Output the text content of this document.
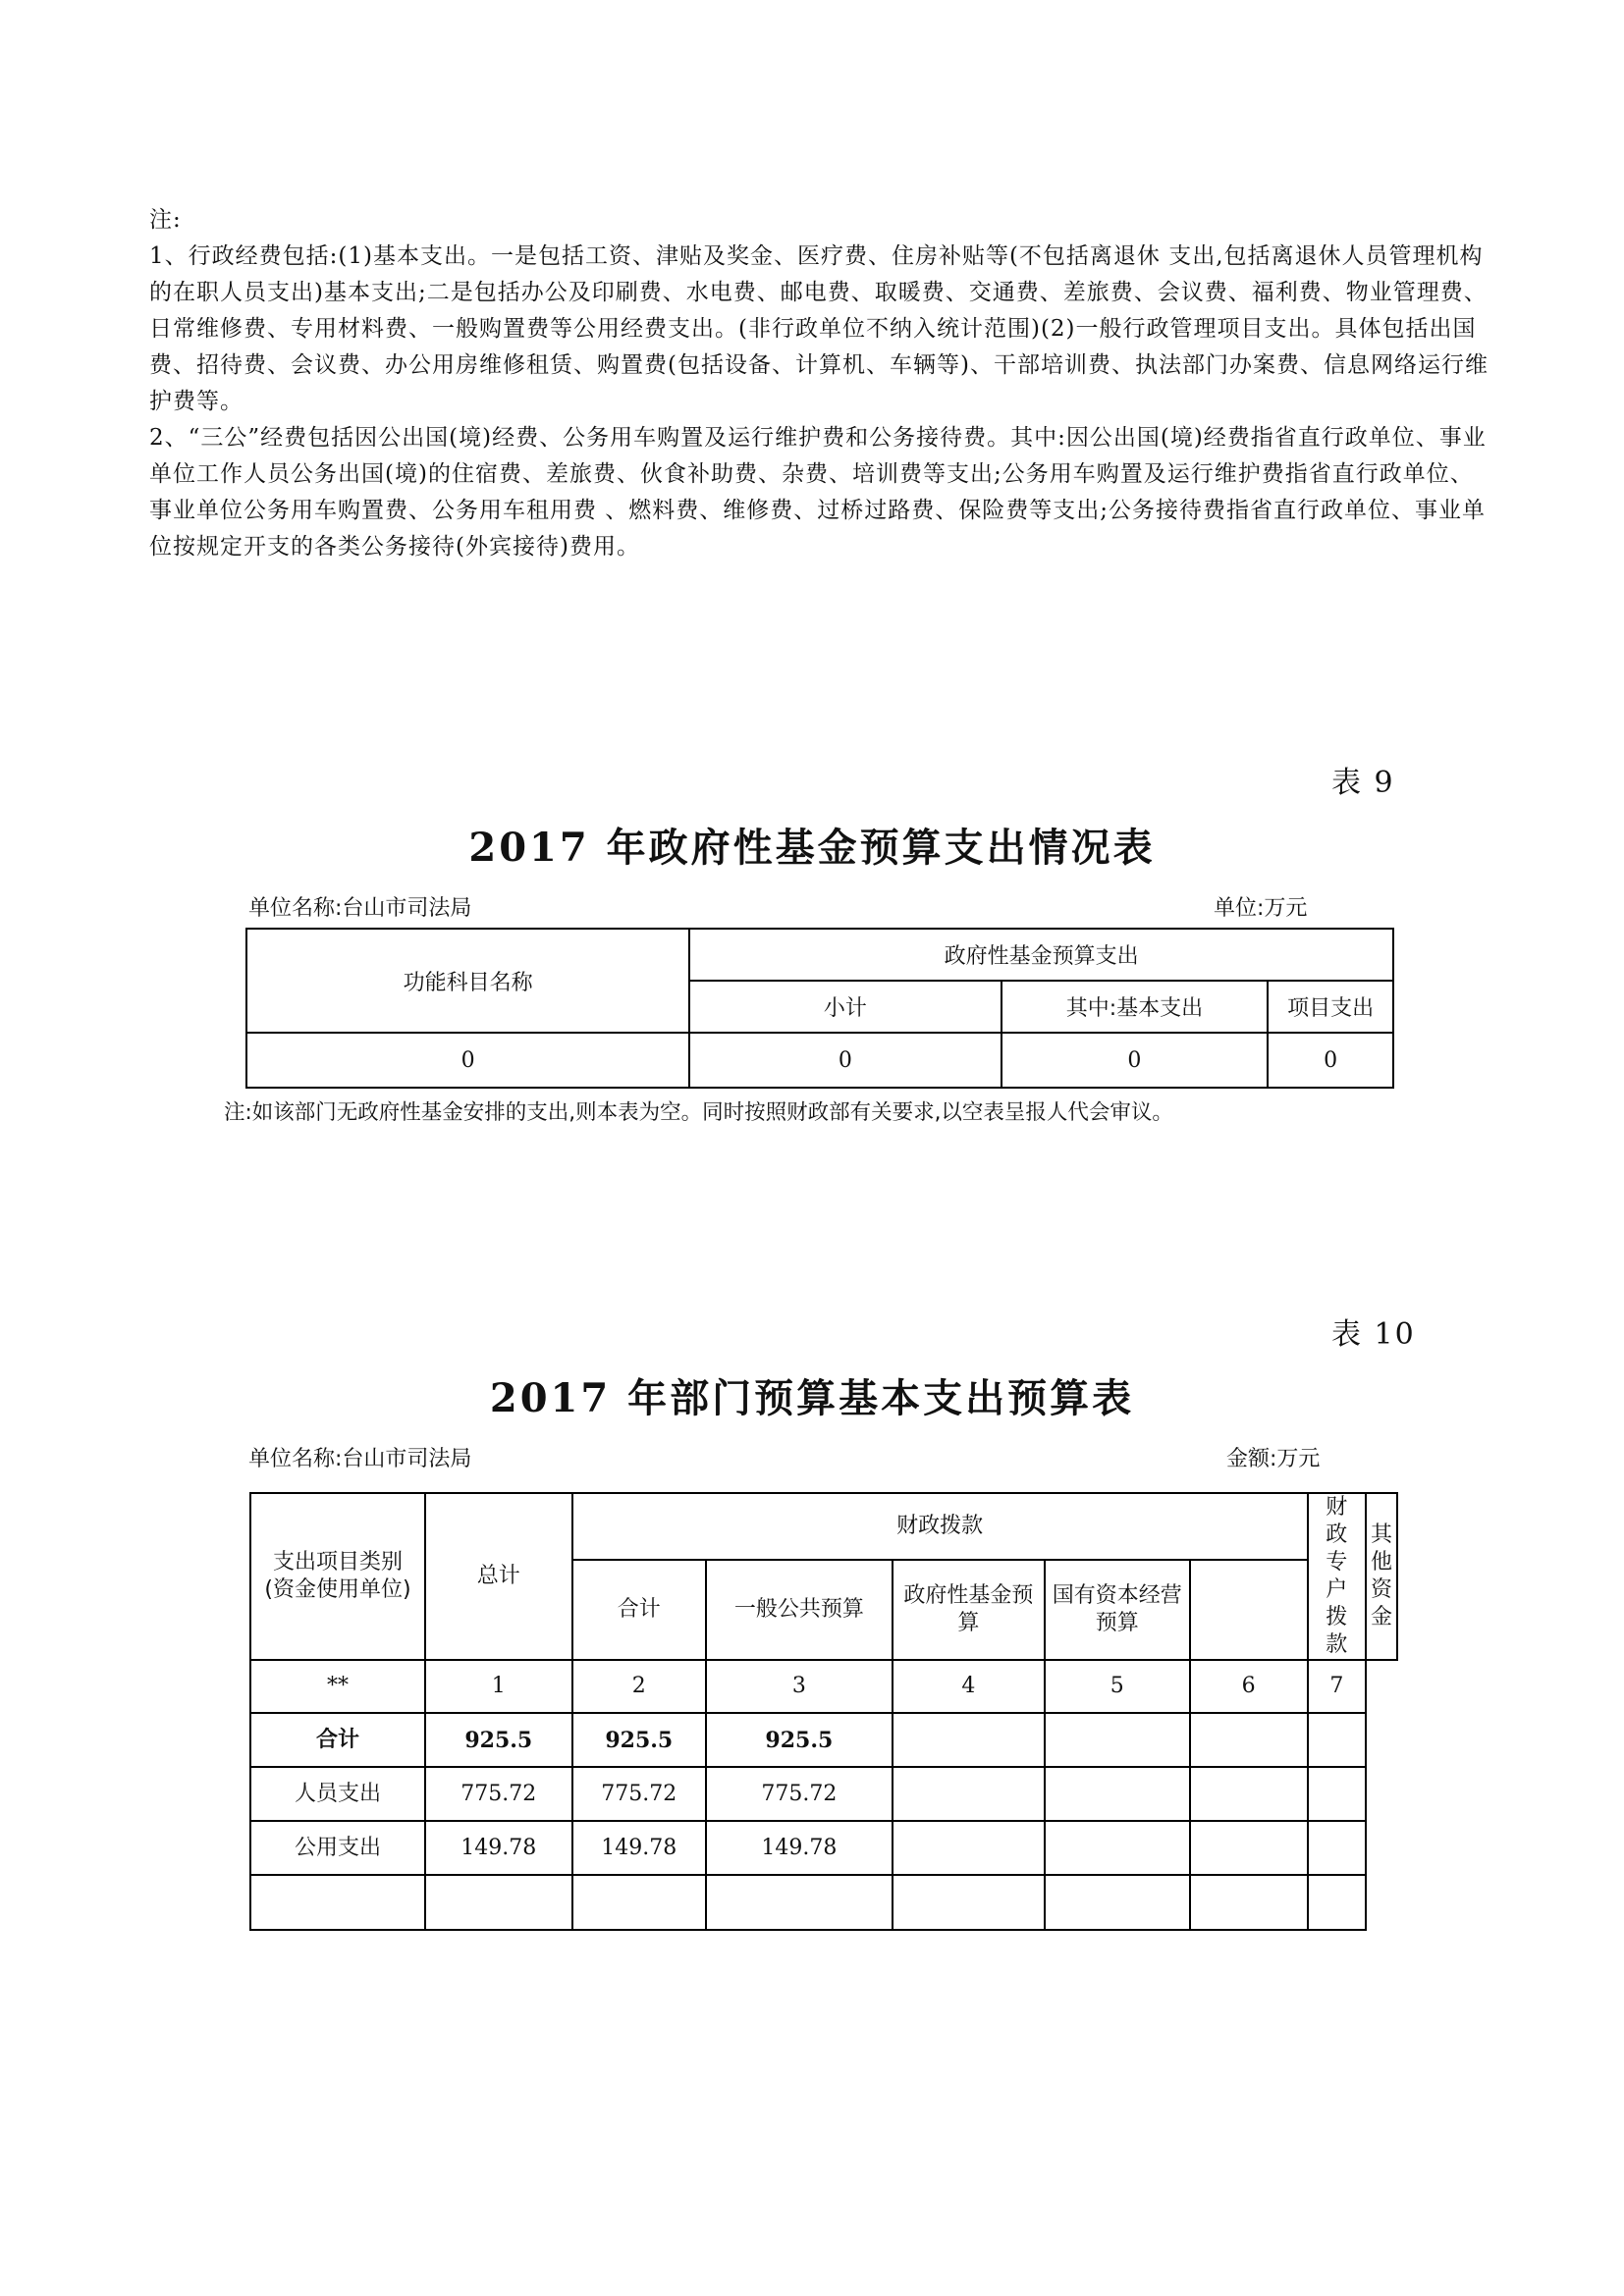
注:

1、行政经费包括:(1)基本支出。一是包括工资、津贴及奖金、医疗费、住房补贴等(不包括离退休 支出,包括离退休人员管理机构的在职人员支出)基本支出;二是包括办公及印刷费、水电费、邮电费、取暖费、交通费、差旅费、会议费、福利费、物业管理费、日常维修费、专用材料费、一般购置费等公用经费支出。(非行政单位不纳入统计范围)(2)一般行政管理项目支出。具体包括出国费、招待费、会议费、办公用房维修租赁、购置费(包括设备、计算机、车辆等)、干部培训费、执法部门办案费、信息网络运行维护费等。

2、“三公”经费包括因公出国(境)经费、公务用车购置及运行维护费和公务接待费。其中:因公出国(境)经费指省直行政单位、事业单位工作人员公务出国(境)的住宿费、差旅费、伙食补助费、杂费、培训费等支出;公务用车购置及运行维护费指省直行政单位、事业单位公务用车购置费、公务用车租用费 、燃料费、维修费、过桥过路费、保险费等支出;公务接待费指省直行政单位、事业单位按规定开支的各类公务接待(外宾接待)费用。

表 9
2017 年政府性基金预算支出情况表
单位名称:台山市司法局	单位:万元
功能科目名称	政府性基金预算支出		
	小计	其中:基本支出	项目支出
0	0	0	0
注:如该部门无政府性基金安排的支出,则本表为空。同时按照财政部有关要求,以空表呈报人代会审议。
表 10
2017 年部门预算基本支出预算表
单位名称:台山市司法局	金额:万元
支出项目类别(资金使用单位)	总计	财政拨款					财政专户拨款	其他资金
		合计	一般公共预算	政府性基金预算	国有资本经营预算			
**	1	2	3	4	5	6	7	
合计	925.5	925.5	925.5					
人员支出	775.72	775.72	775.72					
公用支出	149.78	149.78	149.78					
